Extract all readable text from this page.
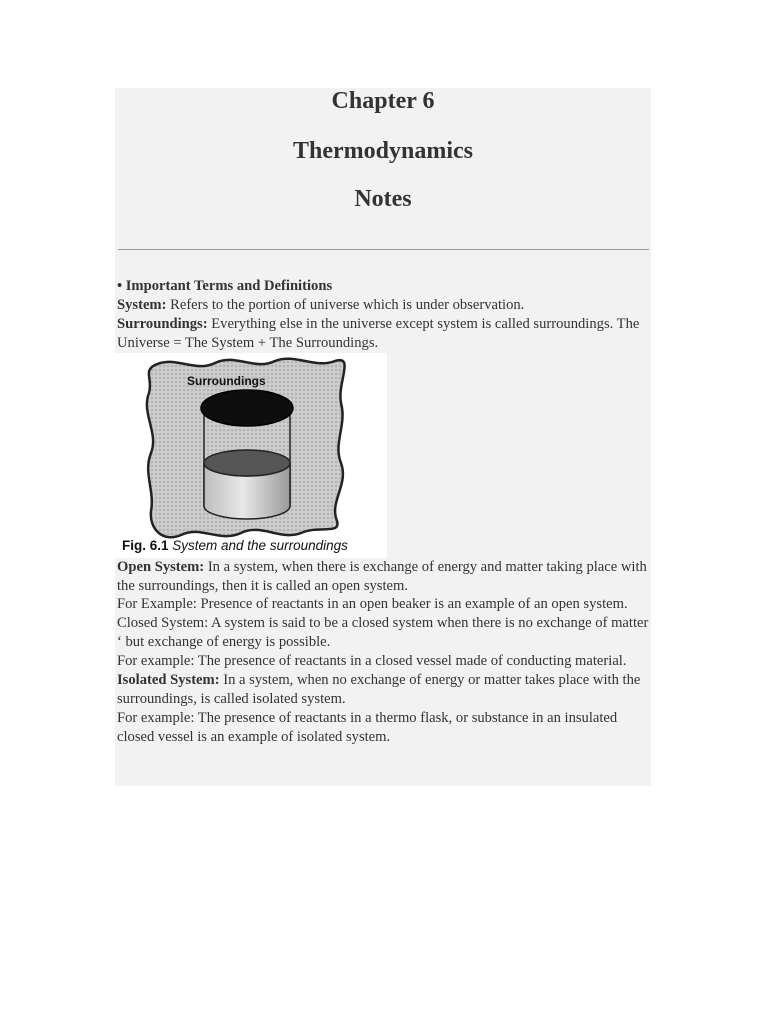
Chapter 6
Thermodynamics
Notes

• Important Terms and Definitions

System: Refers to the portion of universe which is under observation.

Surroundings: Everything else in the universe except system is called surroundings. The Universe = The System + The Surroundings.

Surroundings
Fig. 6.1 System and the surroundings

Open System: In a system, when there is exchange of energy and matter taking place with

the surroundings, then it is called an open system.

For Example: Presence of reactants in an open beaker is an example of an open system. Closed System: A system is said to be a closed system when there is no exchange of matter ‘ but exchange of energy is possible.

For example: The presence of reactants in a closed vessel made of conducting material.

Isolated System: In a system, when no exchange of energy or matter takes place with the surroundings, is called isolated system.

For example: The presence of reactants in a thermo flask, or substance in an insulated closed vessel is an example of isolated system.
